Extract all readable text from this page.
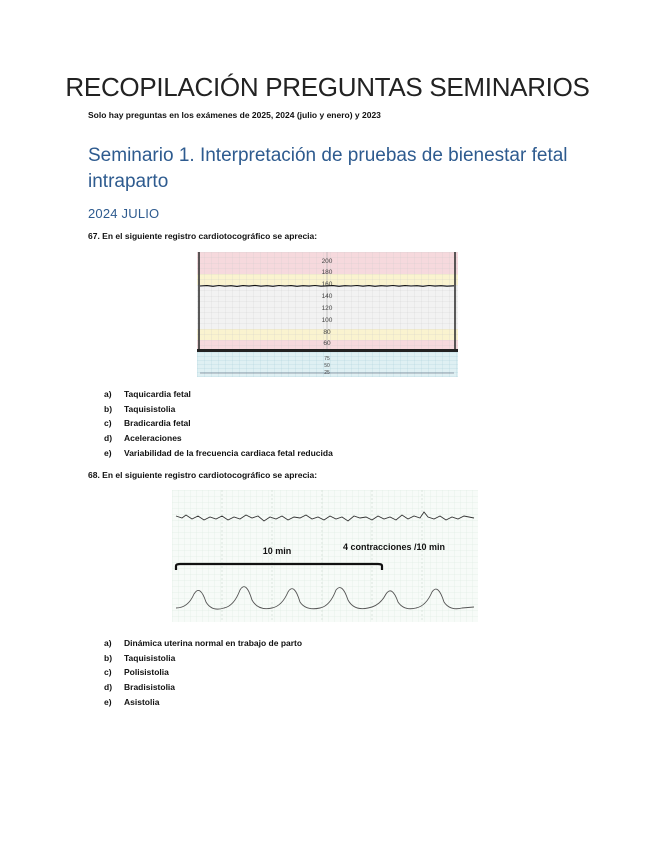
RECOPILACIÓN PREGUNTAS SEMINARIOS

Solo hay preguntas en los exámenes de 2025, 2024 (julio y enero) y 2023

Seminario 1. Interpretación de pruebas de bienestar fetal intraparto
2024 JULIO

67. En el siguiente registro cardiotocográfico se aprecia:

200
180
160
140
120
100
80
60
75
50
25
a)	Taquicardia fetal
b)	Taquisistolia
c)	Bradicardia fetal
d)	Aceleraciones
e)	Variabilidad de la frecuencia cardiaca fetal reducida

68. En el siguiente registro cardiotocográfico se aprecia:

10 min	4 contracciones /10 min
a)	Dinámica uterina normal en trabajo de parto
b)	Taquisistolia
c)	Polisistolia
d)	Bradisistolia
e)	Asistolia
